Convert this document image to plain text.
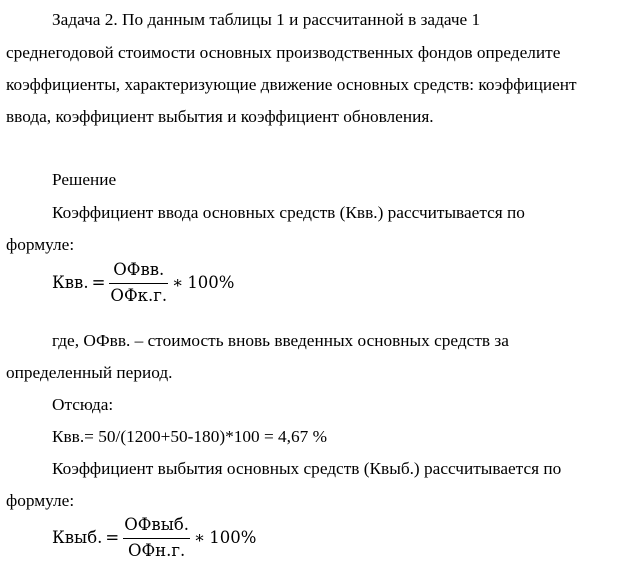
Задача 2. По данным таблицы 1 и рассчитанной в задаче 1
среднегодовой стоимости основных производственных фондов определите
коэффициенты, характеризующие движение основных средств: коэффициент
ввода, коэффициент выбытия и коэффициент обновления.
Решение
Коэффициент ввода основных средств (Квв.) рассчитывается по
формуле:
Квв. = $\frac{\text{ОФвв.}}{\text{ОФк.г.}}$ ∗ 100%
где, ОФвв. – стоимость вновь введенных основных средств за
определенный период.
Отсюда:
Квв.= 50/(1200+50-180)*100 = 4,67 %
Коэффициент выбытия основных средств (Квыб.) рассчитывается по
формуле:
Квыб. = $\frac{\text{ОФвыб.}}{\text{ОФн.г.}}$ ∗ 100%
